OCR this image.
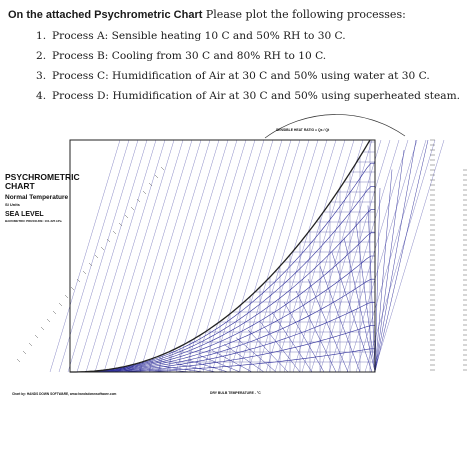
On the attached Psychrometric Chart Please plot the following processes:
1. Process A: Sensible heating 10 C and 50% RH to 30 C.
2. Process B: Cooling from 30 C and 80% RH to 10 C.
3. Process C: Humidification of Air at 30 C and 50% using water at 30 C.
4. Process D: Humidification of Air at 30 C and 50% using superheated steam.
PSYCHROMETRIC
CHART
Normal Temperature
SI Units
SEA LEVEL
BAROMETRIC PRESSURE: 101.325 kPa
Chart by: HANDS DOWN SOFTWARE, www.handsdownsoftware.com	DRY BULB TEMPERATURE - °C
SENSIBLE HEAT RATIO = Qs / Qt
